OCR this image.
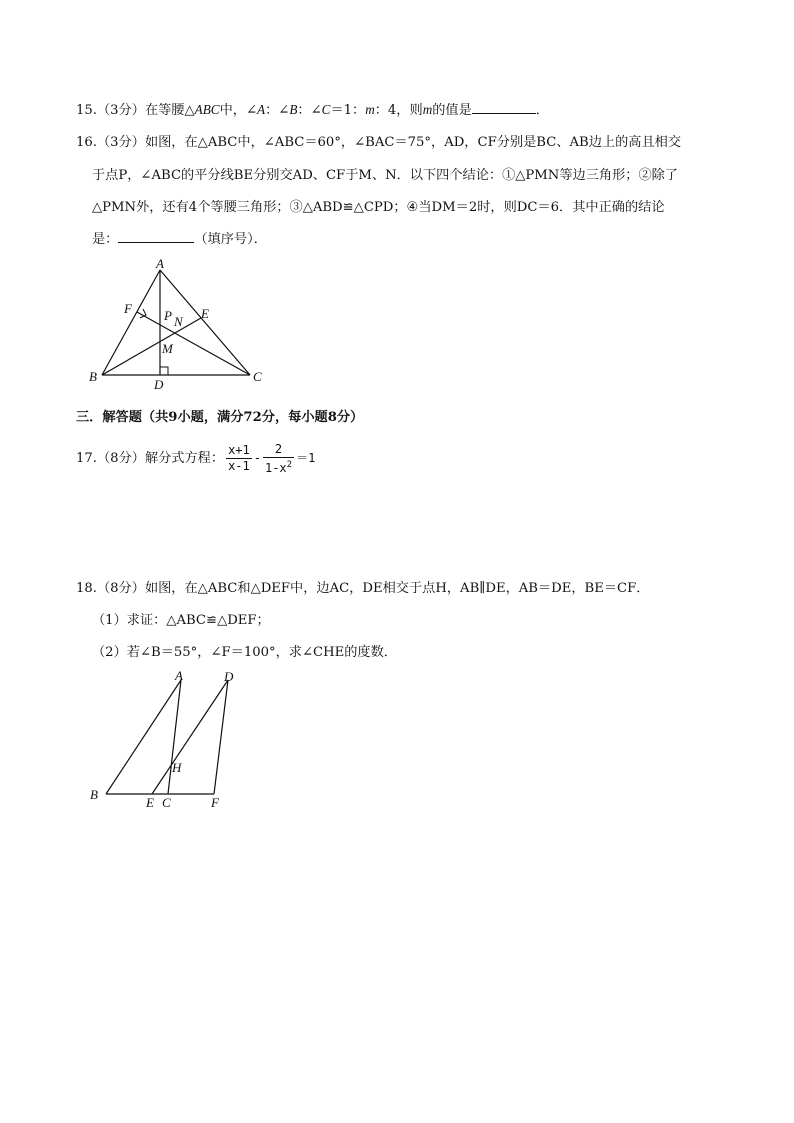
15.（3分）在等腰△ABC中，∠A：∠B：∠C＝1：m：4，则m的值是	．
16.（3分）如图，在△ABC中，∠ABC＝60°，∠BAC＝75°，AD，CF分别是BC、AB边上的高且相交
于点P，∠ABC的平分线BE分别交AD、CF于M、N．以下四个结论：①△PMN等边三角形；②除了
△PMN外，还有4个等腰三角形；③△ABD≌△CPD；④当DM＝2时，则DC＝6．其中正确的结论
是：	（填序号）．
A
F P N
E
M
B
D
C
三．解答题（共9小题，满分72分，每小题8分）
17.（8分）解分式方程： $\frac{x+1}{x-1} - \frac{2}{1-x^2} =1$
18.（8分）如图，在△ABC和△DEF中，边AC，DE相交于点H，AB∥DE，AB＝DE，BE＝CF．
（1）求证：△ABC≌△DEF；
（2）若∠B＝55°，∠F＝100°，求∠CHE的度数．
A	D
H
B
E C	F
